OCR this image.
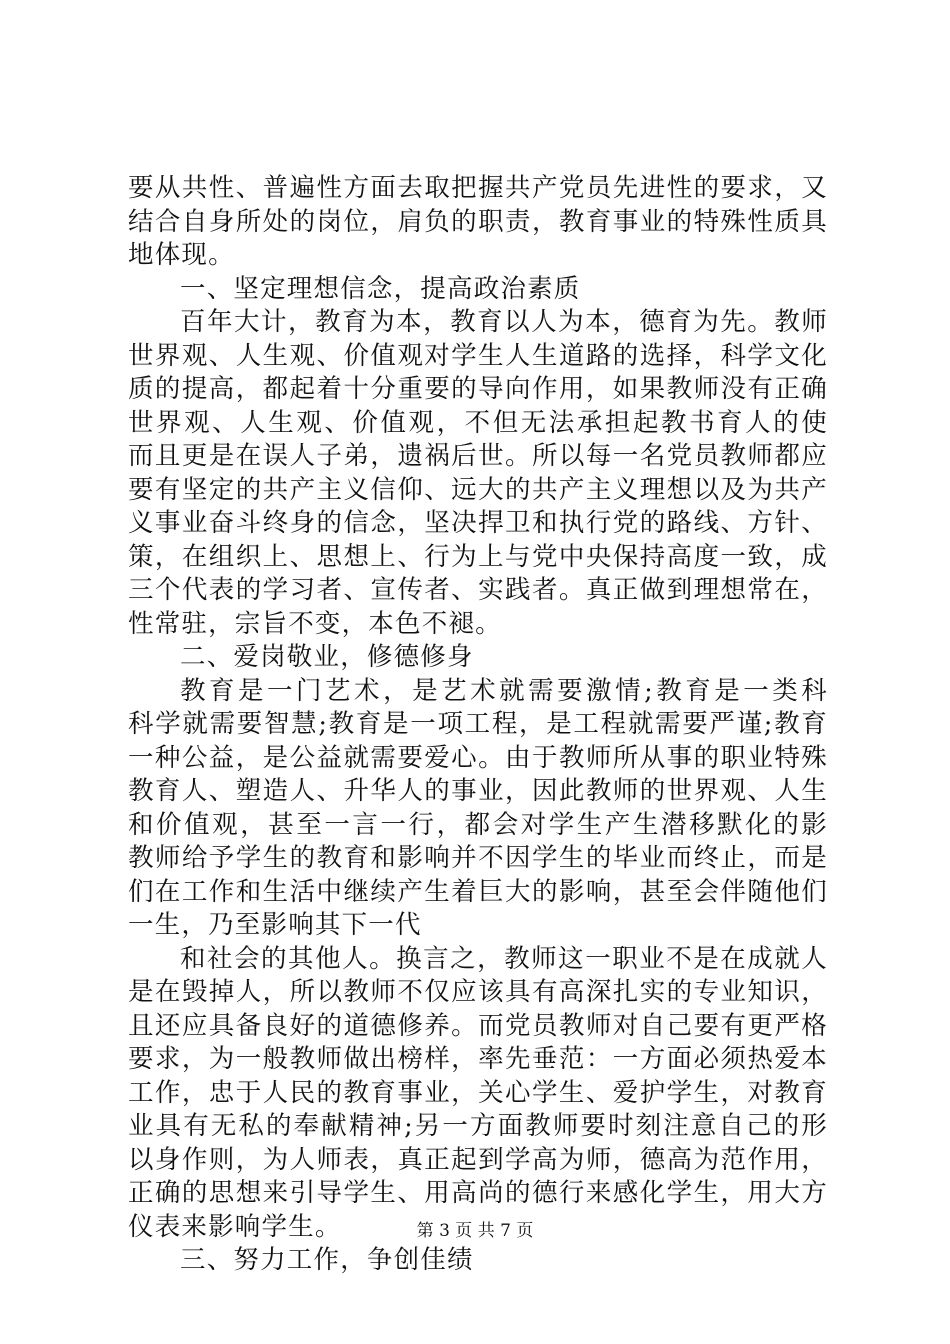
要从共性、普遍性方面去取把握共产党员先进性的要求，又
结合自身所处的岗位，肩负的职责，教育事业的特殊性质具
地体现。
一、坚定理想信念，提高政治素质
百年大计，教育为本，教育以人为本，德育为先。教师
世界观、人生观、价值观对学生人生道路的选择，科学文化
质的提高，都起着十分重要的导向作用，如果教师没有正确
世界观、人生观、价值观，不但无法承担起教书育人的使
而且更是在误人子弟，遗祸后世。所以每一名党员教师都应
要有坚定的共产主义信仰、远大的共产主义理想以及为共产
义事业奋斗终身的信念，坚决捍卫和执行党的路线、方针、
策，在组织上、思想上、行为上与党中央保持高度一致，成
三个代表的学习者、宣传者、实践者。真正做到理想常在，
性常驻，宗旨不变，本色不褪。
二、爱岗敬业，修德修身
教育是一门艺术，是艺术就需要激情;教育是一类科
科学就需要智慧;教育是一项工程，是工程就需要严谨;教育
一种公益，是公益就需要爱心。由于教师所从事的职业特殊
教育人、塑造人、升华人的事业，因此教师的世界观、人生
和价值观，甚至一言一行，都会对学生产生潜移默化的影
教师给予学生的教育和影响并不因学生的毕业而终止，而是
们在工作和生活中继续产生着巨大的影响，甚至会伴随他们
一生，乃至影响其下一代
和社会的其他人。换言之，教师这一职业不是在成就人
是在毁掉人，所以教师不仅应该具有高深扎实的专业知识，
且还应具备良好的道德修养。而党员教师对自己要有更严格
要求，为一般教师做出榜样，率先垂范：一方面必须热爱本
工作，忠于人民的教育事业，关心学生、爱护学生，对教育
业具有无私的奉献精神;另一方面教师要时刻注意自己的形
以身作则，为人师表，真正起到学高为师，德高为范作用，
正确的思想来引导学生、用高尚的德行来感化学生，用大方
仪表来影响学生。
三、努力工作，争创佳绩
第 3 页 共 7 页
